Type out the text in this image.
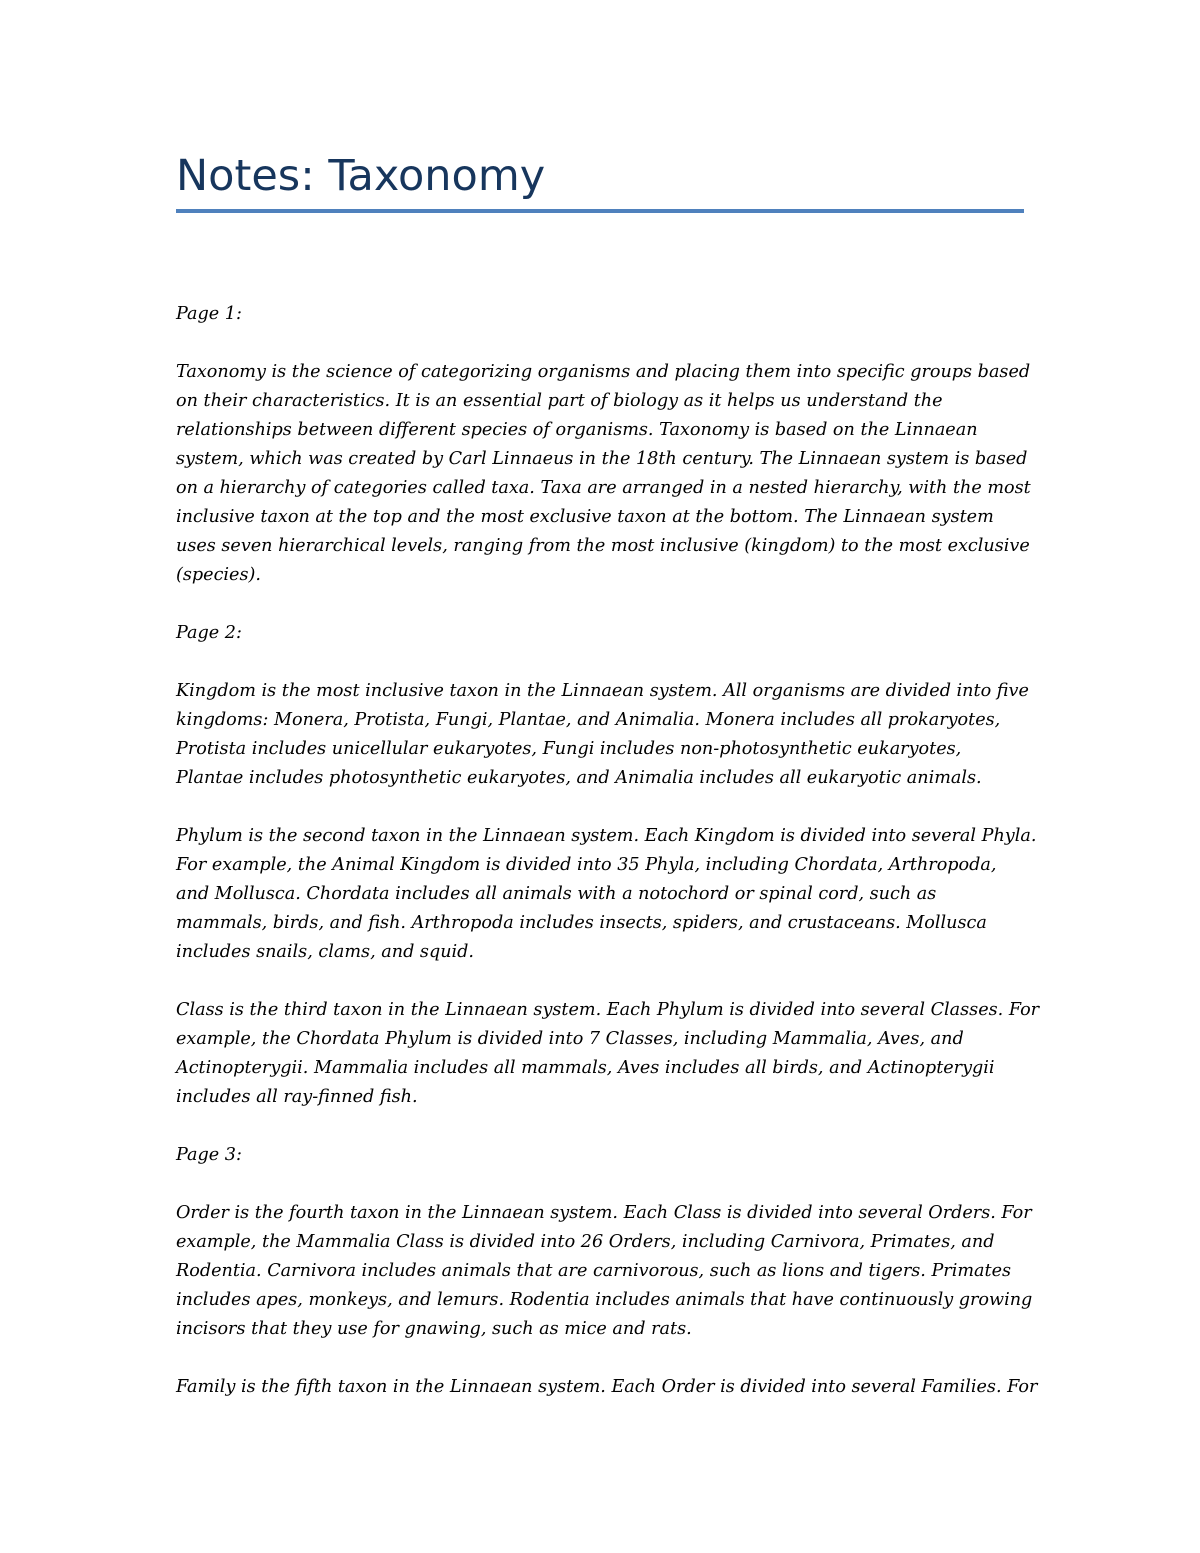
Notes: Taxonomy

Page 1:

Taxonomy is the science of categorizing organisms and placing them into specific groups based
on their characteristics. It is an essential part of biology as it helps us understand the
relationships between different species of organisms. Taxonomy is based on the Linnaean
system, which was created by Carl Linnaeus in the 18th century. The Linnaean system is based
on a hierarchy of categories called taxa. Taxa are arranged in a nested hierarchy, with the most
inclusive taxon at the top and the most exclusive taxon at the bottom. The Linnaean system
uses seven hierarchical levels, ranging from the most inclusive (kingdom) to the most exclusive
(species).

Page 2:

Kingdom is the most inclusive taxon in the Linnaean system. All organisms are divided into five
kingdoms: Monera, Protista, Fungi, Plantae, and Animalia. Monera includes all prokaryotes,
Protista includes unicellular eukaryotes, Fungi includes non-photosynthetic eukaryotes,
Plantae includes photosynthetic eukaryotes, and Animalia includes all eukaryotic animals.

Phylum is the second taxon in the Linnaean system. Each Kingdom is divided into several Phyla.
For example, the Animal Kingdom is divided into 35 Phyla, including Chordata, Arthropoda,
and Mollusca. Chordata includes all animals with a notochord or spinal cord, such as
mammals, birds, and fish. Arthropoda includes insects, spiders, and crustaceans. Mollusca
includes snails, clams, and squid.

Class is the third taxon in the Linnaean system. Each Phylum is divided into several Classes. For
example, the Chordata Phylum is divided into 7 Classes, including Mammalia, Aves, and
Actinopterygii. Mammalia includes all mammals, Aves includes all birds, and Actinopterygii
includes all ray-finned fish.

Page 3:

Order is the fourth taxon in the Linnaean system. Each Class is divided into several Orders. For
example, the Mammalia Class is divided into 26 Orders, including Carnivora, Primates, and
Rodentia. Carnivora includes animals that are carnivorous, such as lions and tigers. Primates
includes apes, monkeys, and lemurs. Rodentia includes animals that have continuously growing
incisors that they use for gnawing, such as mice and rats.

Family is the fifth taxon in the Linnaean system. Each Order is divided into several Families. For
